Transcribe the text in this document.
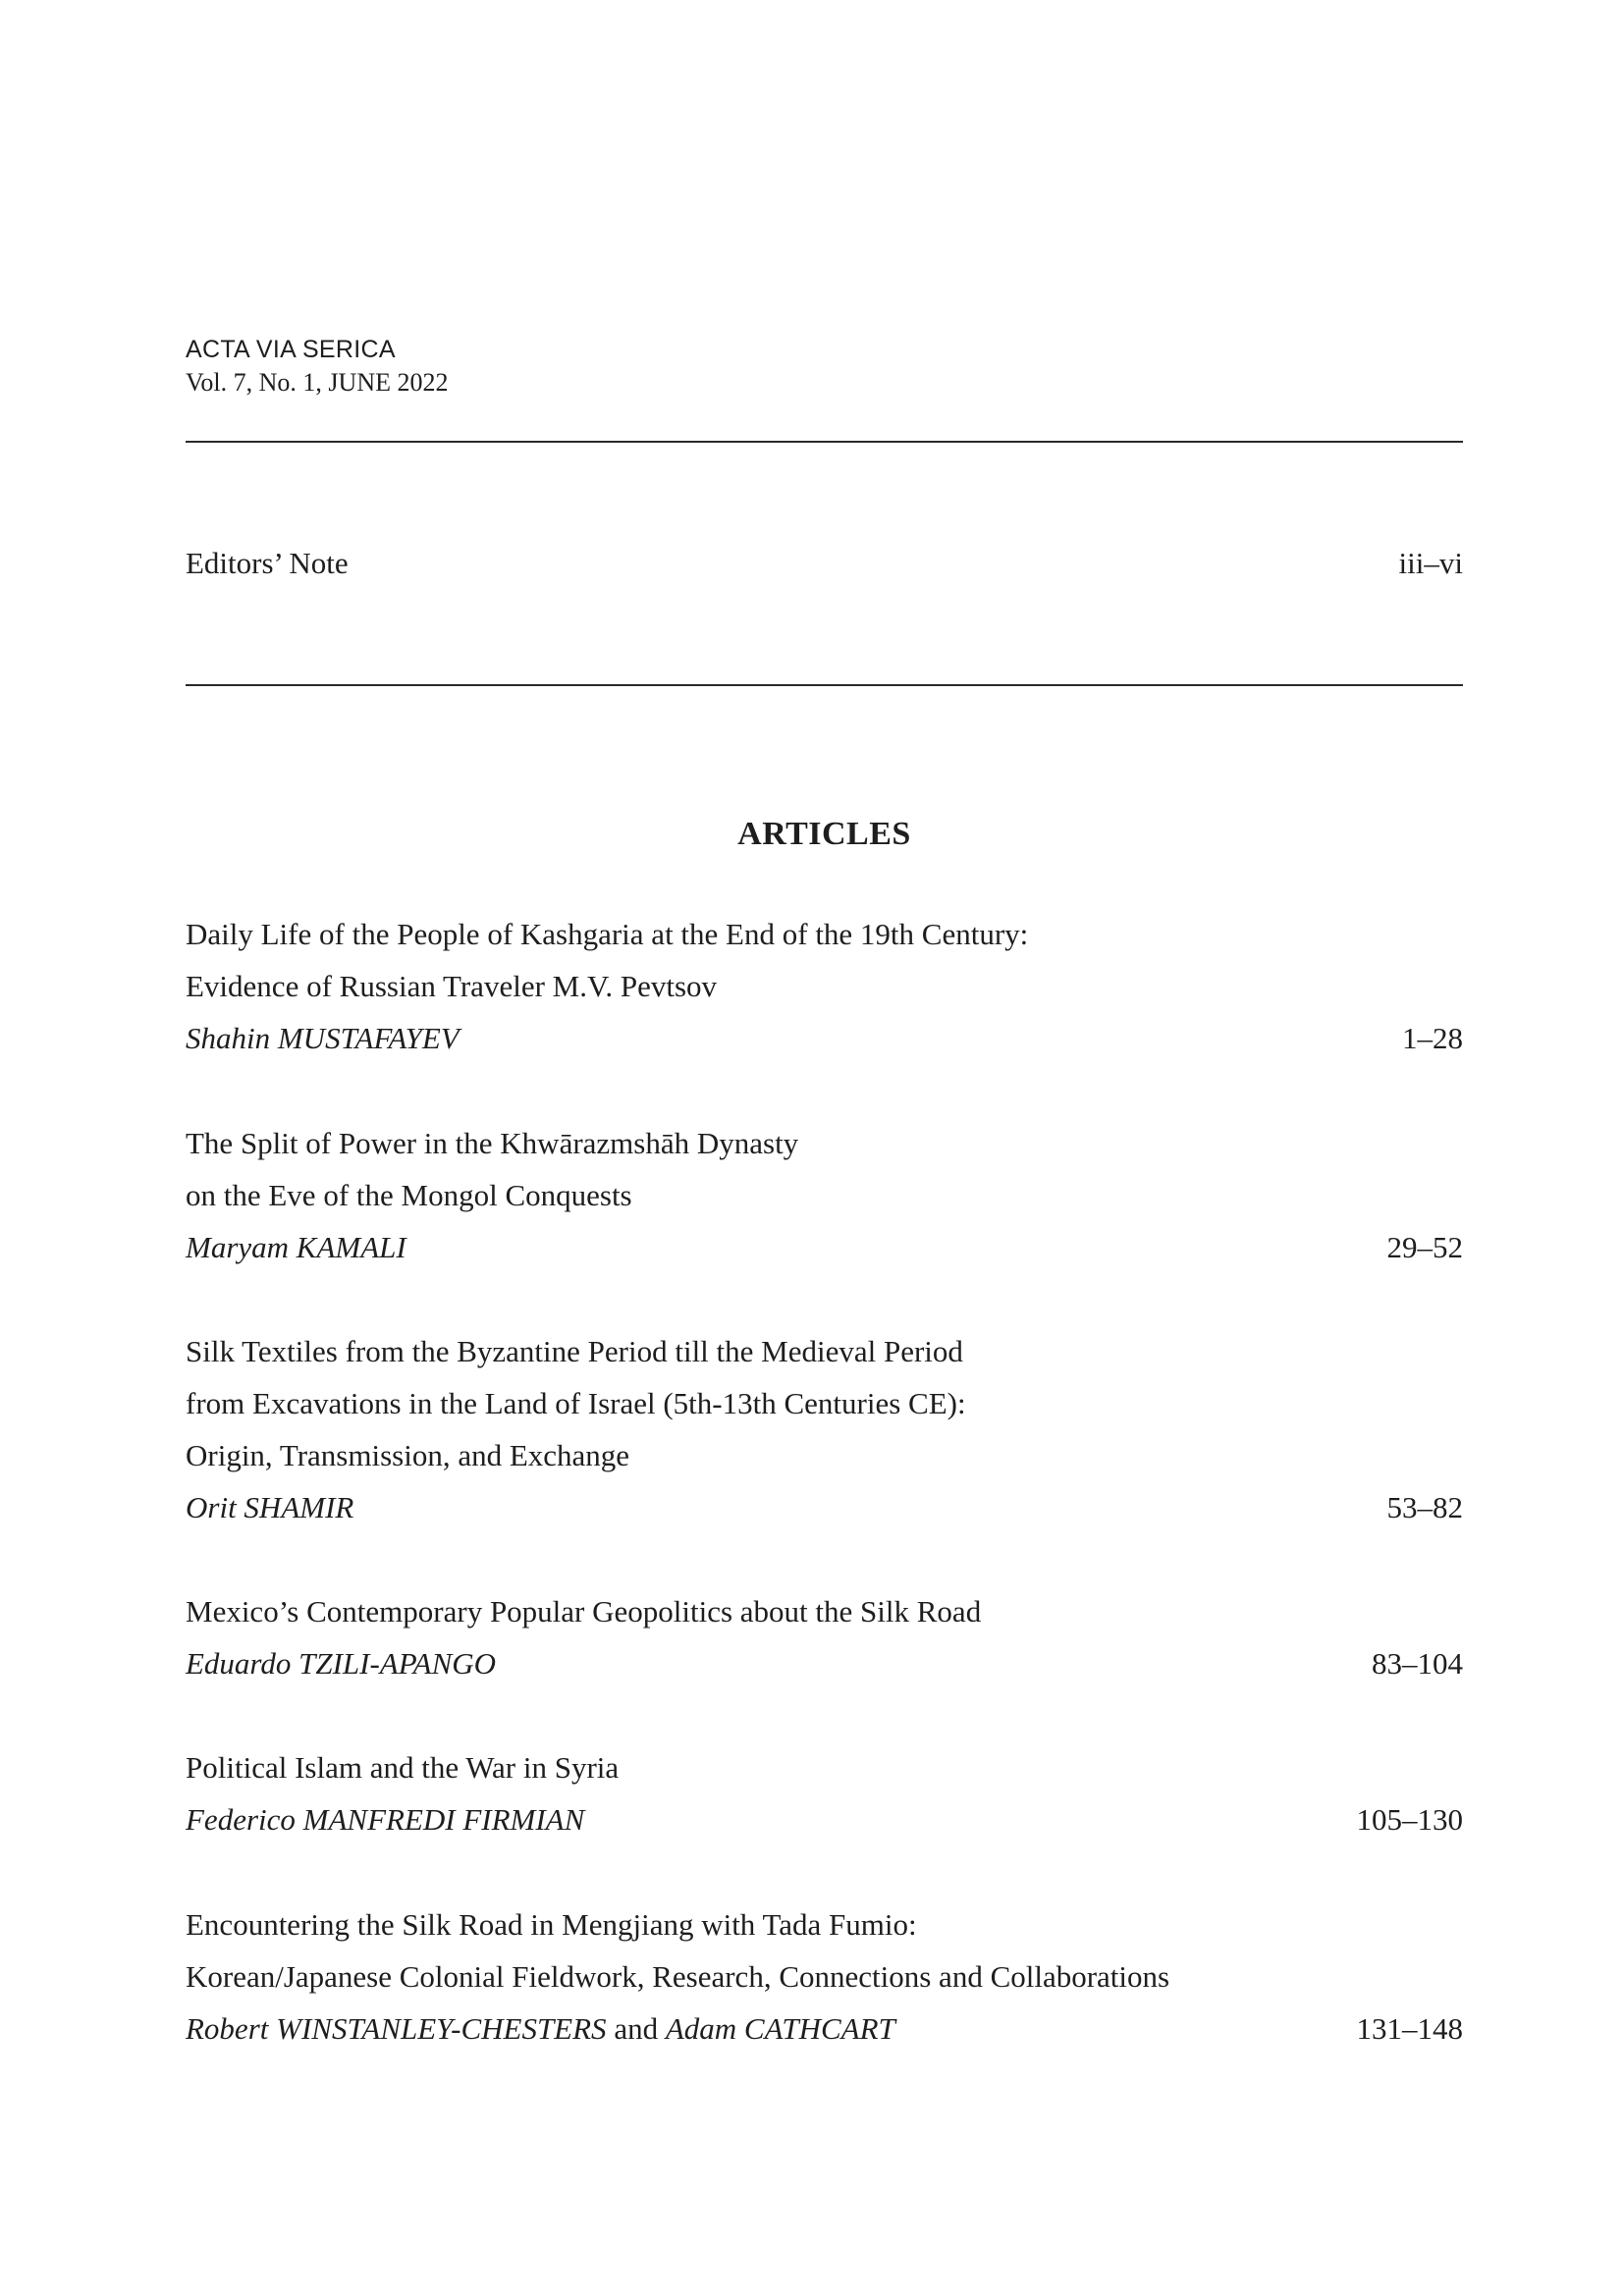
ACTA VIA SERICA
Vol. 7, No. 1, JUNE 2022
Editors’ Note	iii–vi
ARTICLES
Daily Life of the People of Kashgaria at the End of the 19th Century:
Evidence of Russian Traveler M.V. Pevtsov
Shahin MUSTAFAYEV	1–28
The Split of Power in the Khwārazmshāh Dynasty
on the Eve of the Mongol Conquests
Maryam KAMALI	29–52
Silk Textiles from the Byzantine Period till the Medieval Period
from Excavations in the Land of Israel (5th-13th Centuries CE):
Origin, Transmission, and Exchange
Orit SHAMIR	53–82
Mexico’s Contemporary Popular Geopolitics about the Silk Road
Eduardo TZILI-APANGO	83–104
Political Islam and the War in Syria
Federico MANFREDI FIRMIAN	105–130
Encountering the Silk Road in Mengjiang with Tada Fumio:
Korean/Japanese Colonial Fieldwork, Research, Connections and Collaborations
Robert WINSTANLEY-CHESTERS and Adam CATHCART	131–148
